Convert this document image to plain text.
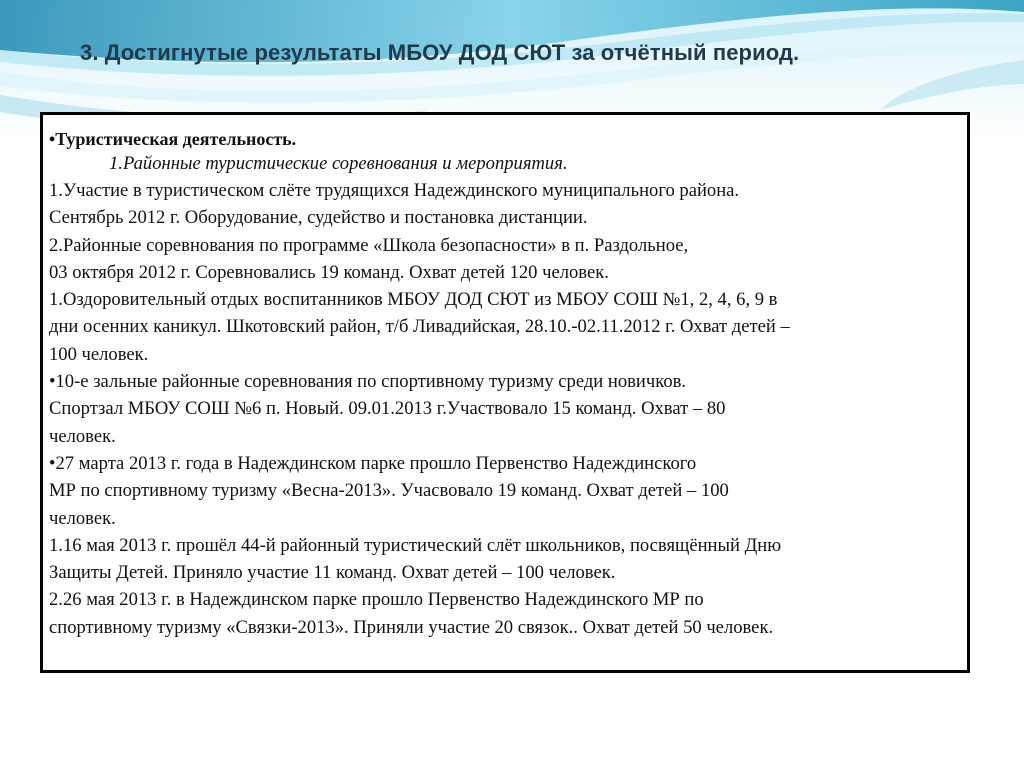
3. Достигнутые результаты МБОУ ДОД СЮТ за отчётный период.
•Туристическая деятельность.
1.Районные туристические соревнования и мероприятия.
1.Участие в туристическом слёте трудящихся Надеждинского муниципального района.
Сентябрь 2012 г. Оборудование, судейство и постановка дистанции.
2.Районные соревнования по программе «Школа безопасности» в п. Раздольное,
03 октября 2012 г. Соревновались 19 команд. Охват детей 120 человек.
1.Оздоровительный отдых воспитанников МБОУ ДОД СЮТ из МБОУ СОШ №1, 2, 4, 6, 9 в
дни осенних каникул. Шкотовский район, т/б Ливадийская, 28.10.-02.11.2012 г. Охват детей –
100 человек.
•10-е зальные районные соревнования по спортивному туризму среди новичков.
Спортзал МБОУ СОШ №6 п. Новый. 09.01.2013 г.Участвовало 15 команд. Охват – 80
человек.
•27 марта 2013 г. года в Надеждинском парке прошло Первенство Надеждинского
МР по спортивному туризму «Весна-2013». Учасвовало 19 команд. Охват детей – 100
человек.
1.16 мая 2013 г. прошёл 44-й районный туристический слёт школьников, посвящённый Дню
Защиты Детей. Приняло участие 11 команд. Охват детей – 100 человек.
2.26 мая 2013 г. в Надеждинском парке прошло Первенство Надеждинского МР по
спортивному туризму «Связки-2013». Приняли участие 20 связок.. Охват детей 50 человек.
